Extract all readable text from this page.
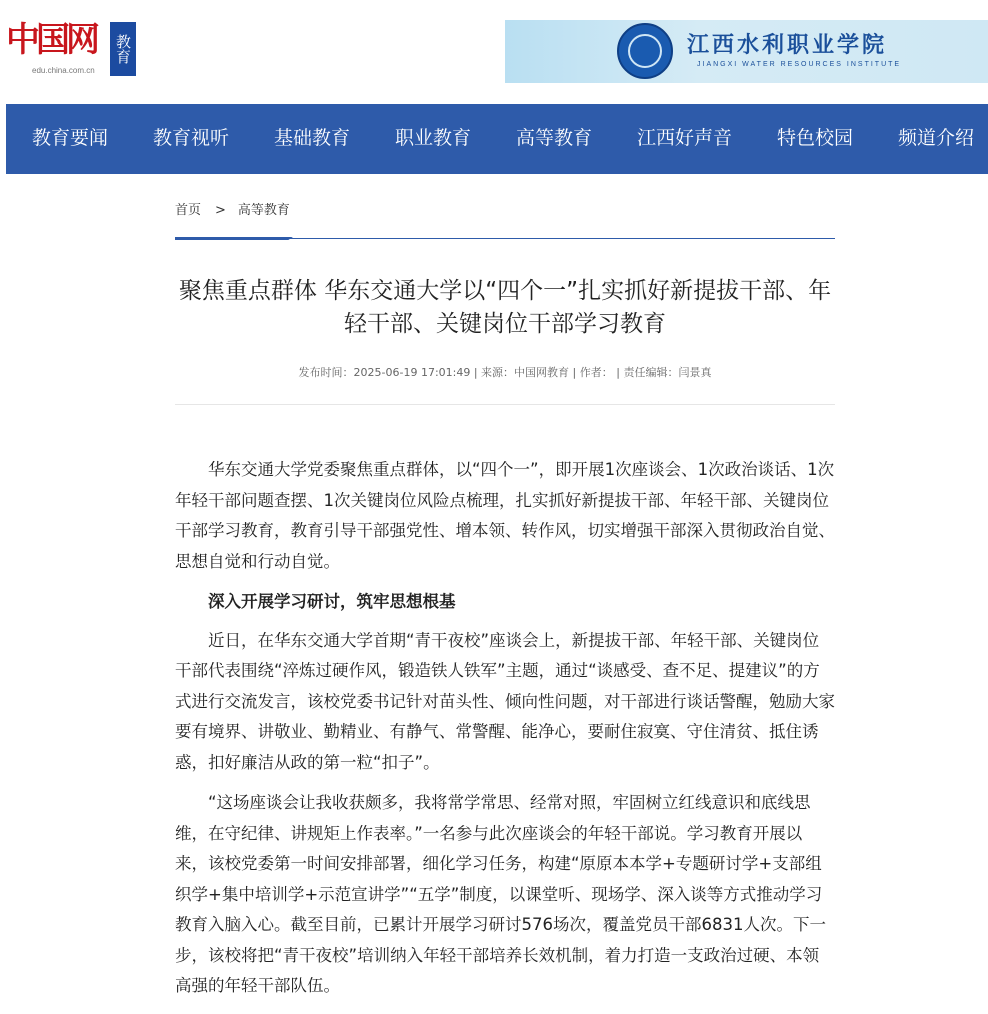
中国网
edu.china.com.cn
教育	江西水利职业学院
JIANGXI WATER RESOURCES INSTITUTE
教育要闻 教育视听 基础教育 职业教育 高等教育 江西好声音 特色校园 频道介绍
首页 > 高等教育
聚焦重点群体 华东交通大学以“四个一”扎实抓好新提拔干部、年轻干部、关键岗位干部学习教育
发布时间：2025-06-19 17:01:49 | 来源：中国网教育 | 作者： | 责任编辑：闫景真

华东交通大学党委聚焦重点群体，以“四个一”，即开展1次座谈会、1次政治谈话、1次年轻干部问题查摆、1次关键岗位风险点梳理，扎实抓好新提拔干部、年轻干部、关键岗位干部学习教育，教育引导干部强党性、增本领、转作风，切实增强干部深入贯彻政治自觉、思想自觉和行动自觉。

深入开展学习研讨，筑牢思想根基

近日，在华东交通大学首期“青干夜校”座谈会上，新提拔干部、年轻干部、关键岗位干部代表围绕“淬炼过硬作风，锻造铁人铁军”主题，通过“谈感受、查不足、提建议”的方式进行交流发言，该校党委书记针对苗头性、倾向性问题，对干部进行谈话警醒，勉励大家要有境界、讲敬业、勤精业、有静气、常警醒、能净心，要耐住寂寞、守住清贫、抵住诱惑，扣好廉洁从政的第一粒“扣子”。

“这场座谈会让我收获颇多，我将常学常思、经常对照，牢固树立红线意识和底线思维，在守纪律、讲规矩上作表率。”一名参与此次座谈会的年轻干部说。学习教育开展以来，该校党委第一时间安排部署，细化学习任务，构建“原原本本学+专题研讨学+支部组织学+集中培训学+示范宣讲学”“五学”制度，以课堂听、现场学、深入谈等方式推动学习教育入脑入心。截至目前，已累计开展学习研讨576场次，覆盖党员干部6831人次。下一步，该校将把“青干夜校”培训纳入年轻干部培养长效机制，着力打造一支政治过硬、本领高强的年轻干部队伍。
